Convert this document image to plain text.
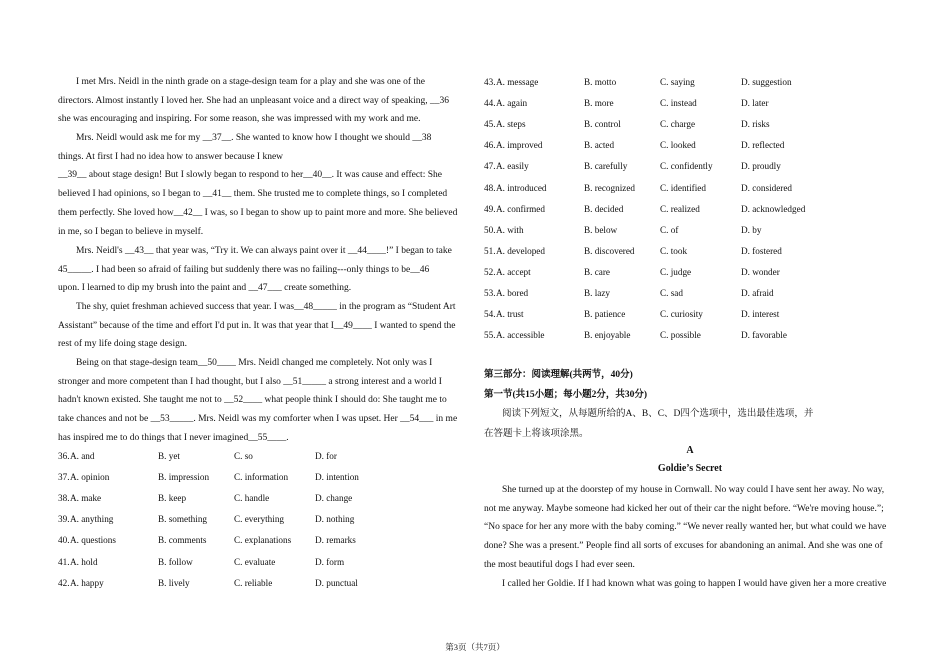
I met Mrs. Neidl in the ninth grade on a stage-design team for a play and she was one of the
directors. Almost instantly I loved her. She had an unpleasant voice and a direct way of speaking, __36
she was encouraging and inspiring. For some reason, she was impressed with my work and me.
Mrs. Neidl would ask me for my __37__. She wanted to know how I thought we should __38
things. At first I had no idea how to answer because I knew
__39__ about stage design! But I slowly began to respond to her__40__. It was cause and effect: She
believed I had opinions, so I began to __41__ them. She trusted me to complete things, so I completed
them perfectly. She loved how__42__ I was, so I began to show up to paint more and more. She believed
in me, so I began to believe in myself.
Mrs. Neidl's __43__ that year was, “Try it. We can always paint over it __44____!” I began to take
45_____. I had been so afraid of failing but suddenly there was no failing---only things to be__46
upon. I learned to dip my brush into the paint and __47___ create something.
The shy, quiet freshman achieved success that year. I was__48_____ in the program as “Student Art
Assistant” because of the time and effort I'd put in. It was that year that I__49____ I wanted to spend the
rest of my life doing stage design.
Being on that stage-design team__50____ Mrs. Neidl changed me completely. Not only was I
stronger and more competent than I had thought, but I also __51_____ a strong interest and a world I
hadn't known existed. She taught me not to __52____ what people think I should do: She taught me to
take chances and not be __53_____. Mrs. Neidl was my comforter when I was upset. Her __54___ in me
has inspired me to do things that I never imagined__55____.
36. A. and	B. yet	C. so	D. for
37. A. opinion	B. impression	C. information	D. intention
38. A. make	B. keep	C. handle	D. change
39. A. anything	B. something	C. everything	D. nothing
40. A. questions	B. comments	C. explanations	D. remarks
41. A. hold	B. follow	C. evaluate	D. form
42. A. happy	B. lively	C. reliable	D. punctual
43. A. message	B. motto	C. saying	D. suggestion
44. A. again	B. more	C. instead	D. later
45. A. steps	B. control	C. charge	D. risks
46. A. improved	B. acted	C. looked	D. reflected
47. A. easily	B. carefully	C. confidently	D. proudly
48. A. introduced	B. recognized	C. identified	D. considered
49. A. confirmed	B. decided	C. realized	D. acknowledged
50. A. with	B. below	C. of	D. by
51. A. developed	B. discovered	C. took	D. fostered
52. A. accept	B. care	C. judge	D. wonder
53. A. bored	B. lazy	C. sad	D. afraid
54. A. trust	B. patience	C. curiosity	D. interest
55. A. accessible	B. enjoyable	C. possible	D. favorable
第三部分：阅读理解(共两节，40分)
第一节(共15小题；每小题2分，共30分)
阅读下列短文，从每题所给的A、B、C、D四个选项中，选出最佳选项，并
在答题卡上将该项涂黑。
A
Goldie’s Secret
She turned up at the doorstep of my house in Cornwall. No way could I have sent her away. No way,
not me anyway. Maybe someone had kicked her out of their car the night before. “We're moving house.”;
“No space for her any more with the baby coming.” “We never really wanted her, but what could we have
done? She was a present.” People find all sorts of excuses for abandoning an animal. And she was one of
the most beautiful dogs I had ever seen.
I called her Goldie. If I had known what was going to happen I would have given her a more creative
第3页（共7页）
